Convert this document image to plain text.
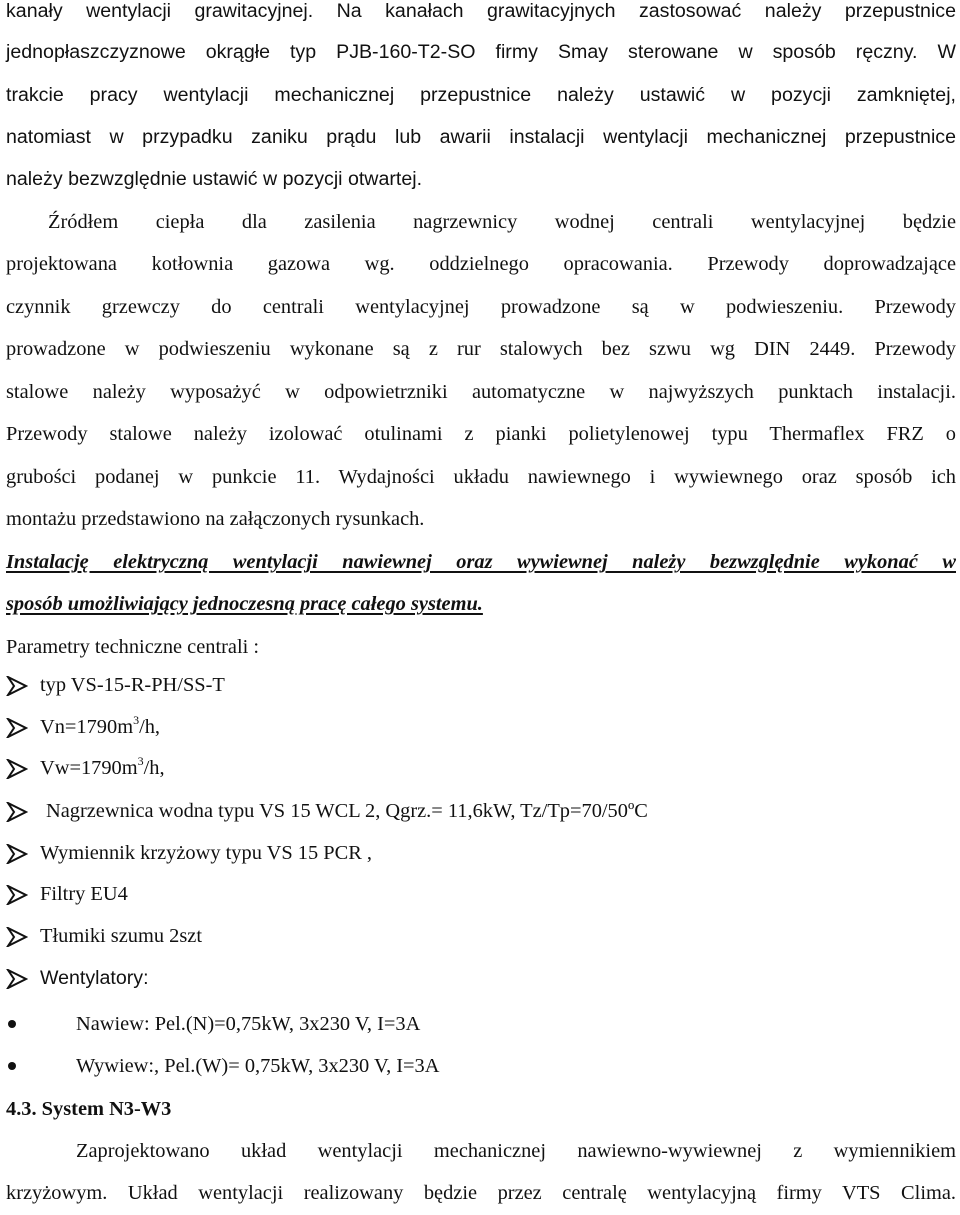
kanały wentylacji grawitacyjnej. Na kanałach grawitacyjnych zastosować należy przepustnice
jednopłaszczyznowe okrągłe typ PJB-160-T2-SO firmy Smay sterowane w sposób ręczny. W
trakcie pracy wentylacji mechanicznej przepustnice należy ustawić w pozycji zamkniętej,
natomiast w przypadku zaniku prądu lub awarii instalacji wentylacji mechanicznej przepustnice
należy bezwzględnie ustawić w pozycji otwartej.
Źródłem ciepła dla zasilenia nagrzewnicy wodnej centrali wentylacyjnej będzie
projektowana kotłownia gazowa wg. oddzielnego opracowania. Przewody doprowadzające
czynnik grzewczy do centrali wentylacyjnej prowadzone są w podwieszeniu. Przewody
prowadzone w podwieszeniu wykonane są z rur stalowych bez szwu wg DIN 2449. Przewody
stalowe należy wyposażyć w odpowietrzniki automatyczne w najwyższych punktach instalacji.
Przewody stalowe należy izolować otulinami z pianki polietylenowej typu Thermaflex FRZ o
grubości podanej w punkcie 11. Wydajności układu nawiewnego i wywiewnego oraz sposób ich
montażu przedstawiono na załączonych rysunkach.
Instalację elektryczną wentylacji nawiewnej oraz wywiewnej należy bezwzględnie wykonać w
sposób umożliwiający jednoczesną pracę całego systemu.
Parametry techniczne centrali :
typ VS-15-R-PH/SS-T
$Vn=1790m^3/h$,
$Vw=1790m^3/h$,
Nagrzewnica wodna typu VS 15 WCL 2, Qgrz.= 11,6kW, Tz/Tp=70/50ºC
Wymiennik krzyżowy typu VS 15 PCR ,
Filtry EU4
Tłumiki szumu 2szt
Wentylatory:
Nawiew: Pel.(N)=0,75kW, 3x230 V, I=3A
Wywiew:, Pel.(W)= 0,75kW, 3x230 V, I=3A
4.3. System N3-W3
Zaprojektowano układ wentylacji mechanicznej nawiewno-wywiewnej z wymiennikiem
krzyżowym. Układ wentylacji realizowany będzie przez centralę wentylacyjną firmy VTS Clima.
